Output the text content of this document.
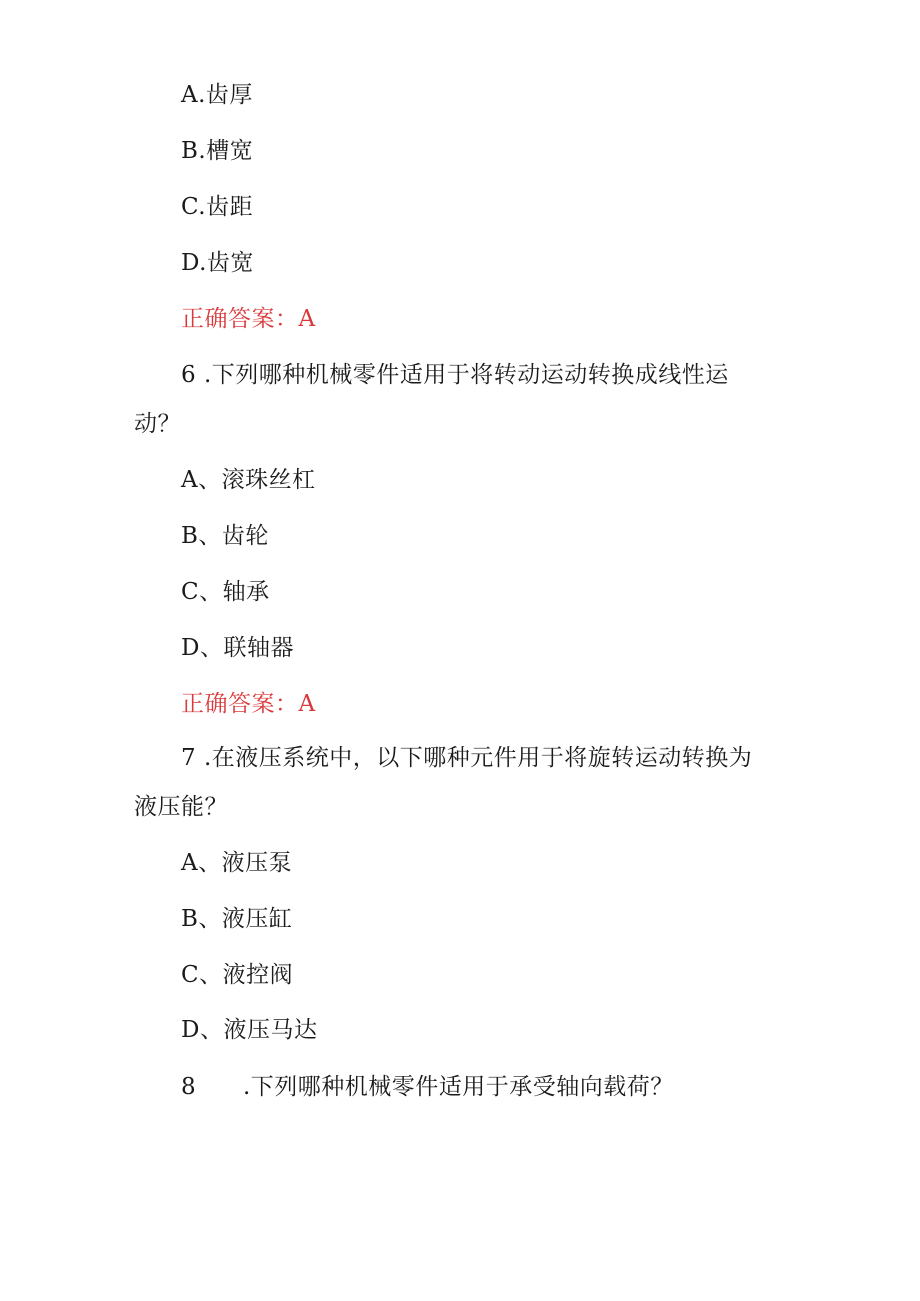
A.齿厚
B.槽宽
C.齿距
D.齿宽
正确答案：A
6 .下列哪种机械零件适用于将转动运动转换成线性运
动？
A、滚珠丝杠
B、齿轮
C、轴承
D、联轴器
正确答案：A
7 .在液压系统中，以下哪种元件用于将旋转运动转换为
液压能？
A、液压泵
B、液压缸
C、液控阀
D、液压马达
8 .下列哪种机械零件适用于承受轴向载荷？
